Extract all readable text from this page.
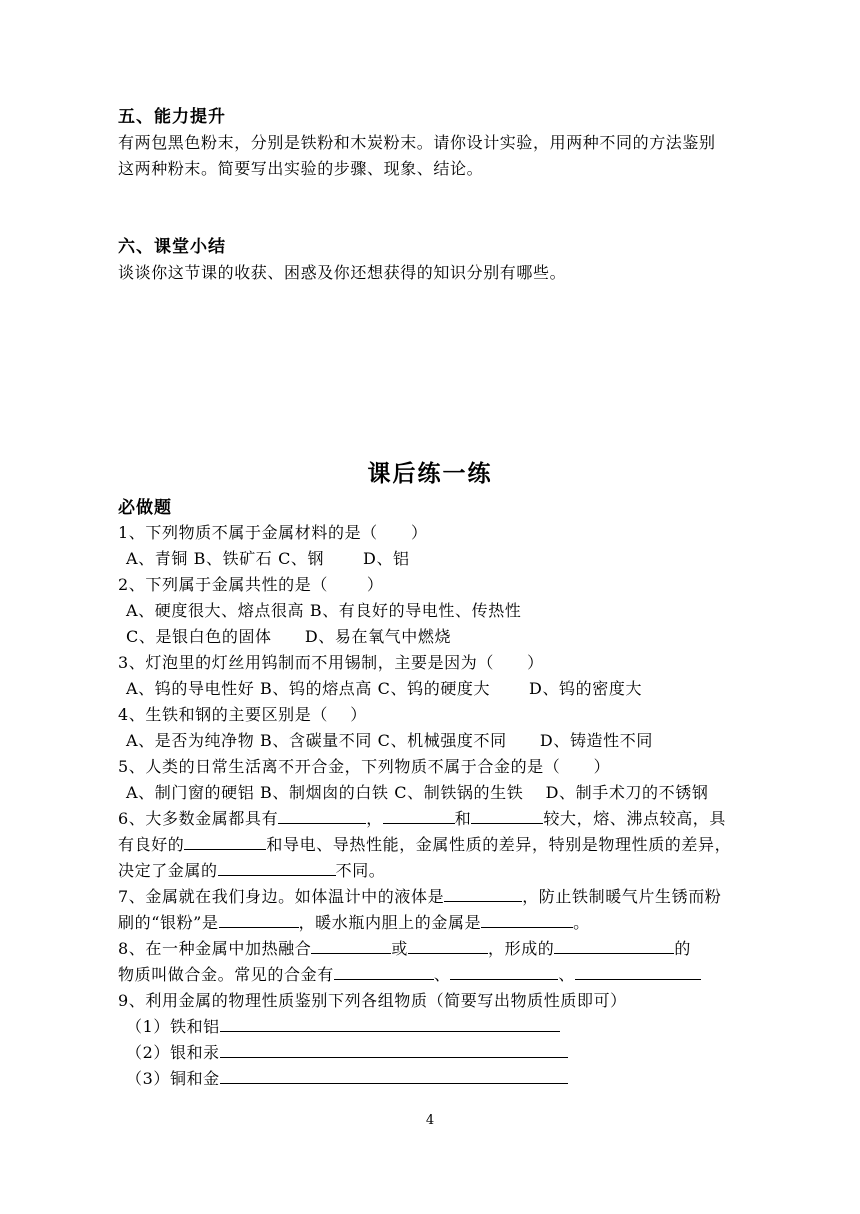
五、能力提升
有两包黑色粉末，分别是铁粉和木炭粉末。请你设计实验，用两种不同的方法鉴别
这两种粉末。简要写出实验的步骤、现象、结论。
六、课堂小结
谈谈你这节课的收获、困惑及你还想获得的知识分别有哪些。
课后练一练
必做题
1、下列物质不属于金属材料的是（　　）
A、青铜 B、铁矿石 C、钢　　 D、铝
2、下列属于金属共性的是（　　 ）
A、硬度很大、熔点很高 B、有良好的导电性、传热性
C、是银白色的固体　　D、易在氧气中燃烧
3、灯泡里的灯丝用钨制而不用锡制，主要是因为（　　）
A、钨的导电性好 B、钨的熔点高 C、钨的硬度大　　 D、钨的密度大
4、生铁和钢的主要区别是（　 ）
A、是否为纯净物 B、含碳量不同 C、机械强度不同　　D、铸造性不同
5、人类的日常生活离不开合金，下列物质不属于合金的是（　　）
A、制门窗的硬铝 B、制烟囱的白铁 C、制铁锅的生铁　 D、制手术刀的不锈钢
6、大多数金属都具有	，	和	较大，熔、沸点较高，具
有良好的	和导电、导热性能，金属性质的差异，特别是物理性质的差异，
决定了金属的	不同。
7、金属就在我们身边。如体温计中的液体是	，防止铁制暖气片生锈而粉
刷的“银粉”是	，暖水瓶内胆上的金属是	。
8、在一种金属中加热融合	或	，形成的	的
物质叫做合金。常见的合金有	、	、
9、利用金属的物理性质鉴别下列各组物质（简要写出物质性质即可）
（1）铁和铝
（2）银和汞
（3）铜和金
4
